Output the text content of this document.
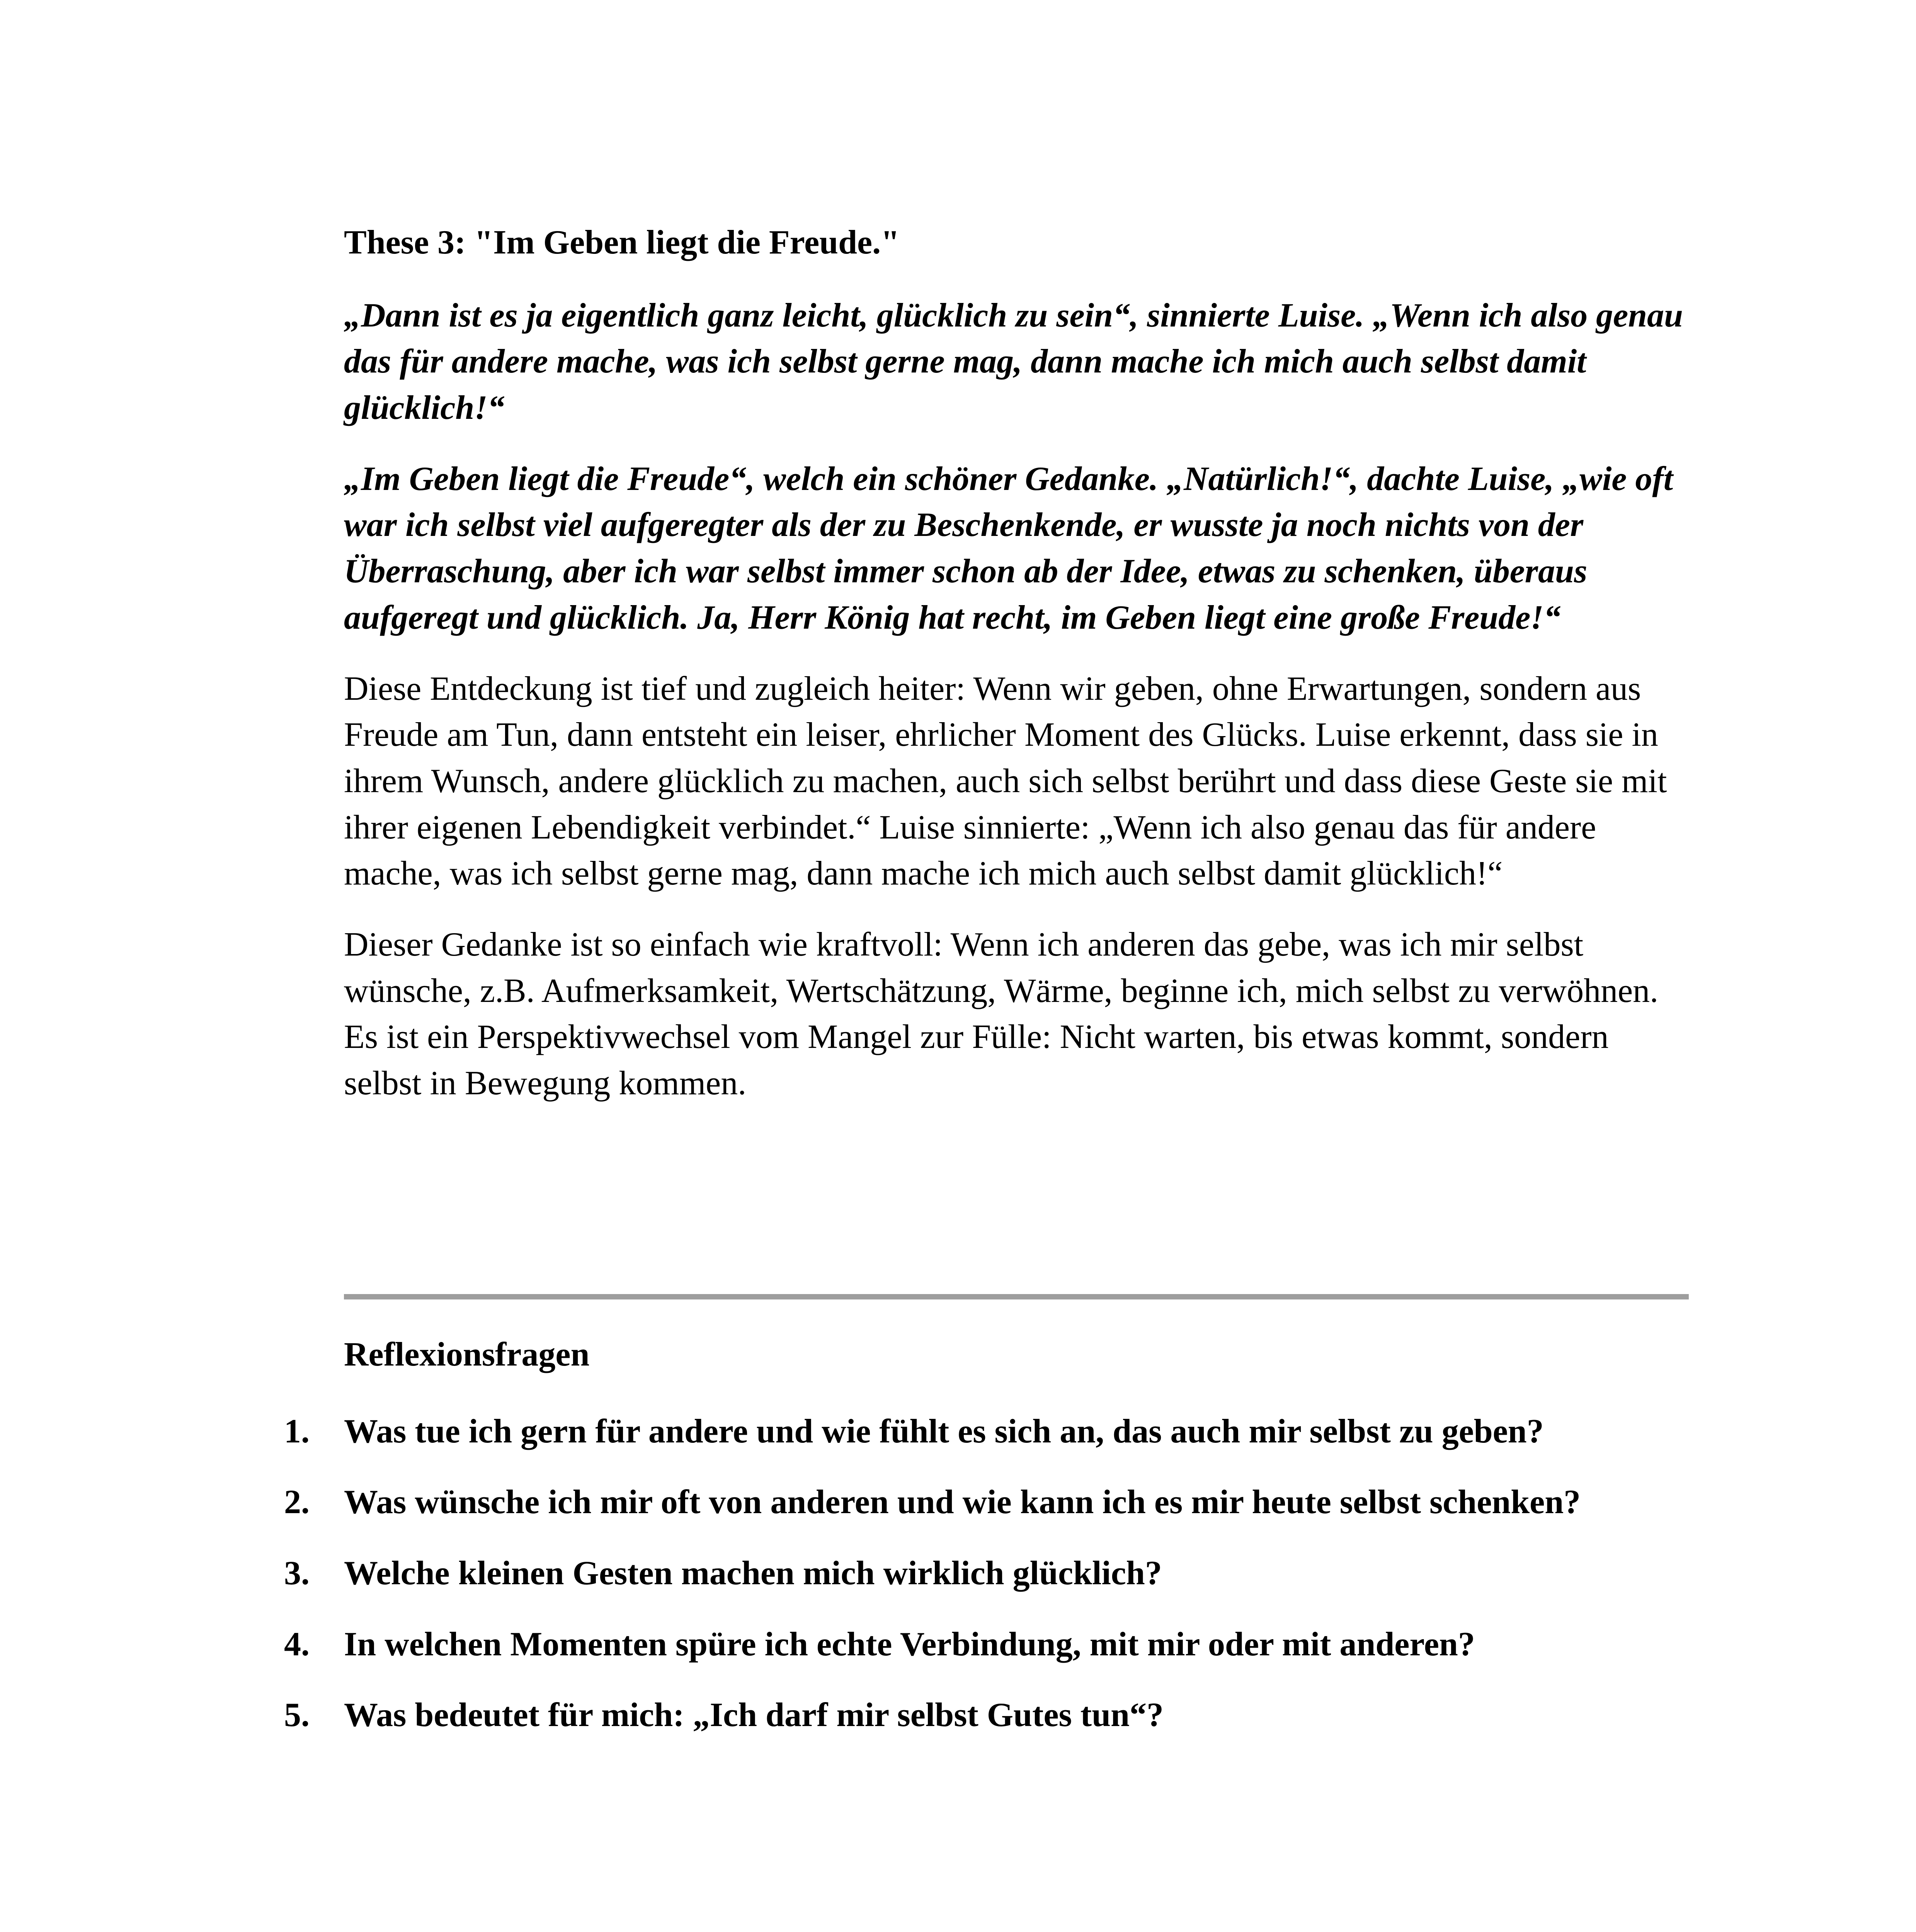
These 3: "Im Geben liegt die Freude."

„Dann ist es ja eigentlich ganz leicht, glücklich zu sein“, sinnierte Luise. „Wenn ich also genau das für andere mache, was ich selbst gerne mag, dann mache ich mich auch selbst damit glücklich!“

„Im Geben liegt die Freude“, welch ein schöner Gedanke. „Natürlich!“, dachte Luise, „wie oft war ich selbst viel aufgeregter als der zu Beschenkende, er wusste ja noch nichts von der Überraschung, aber ich war selbst immer schon ab der Idee, etwas zu schenken, überaus aufgeregt und glücklich. Ja, Herr König hat recht, im Geben liegt eine große Freude!“

Diese Entdeckung ist tief und zugleich heiter: Wenn wir geben, ohne Erwartungen, sondern aus Freude am Tun, dann entsteht ein leiser, ehrlicher Moment des Glücks. Luise erkennt, dass sie in ihrem Wunsch, andere glücklich zu machen, auch sich selbst berührt und dass diese Geste sie mit ihrer eigenen Lebendigkeit verbindet.“ Luise sinnierte: „Wenn ich also genau das für andere mache, was ich selbst gerne mag, dann mache ich mich auch selbst damit glücklich!“

Dieser Gedanke ist so einfach wie kraftvoll: Wenn ich anderen das gebe, was ich mir selbst wünsche, z.B. Aufmerksamkeit, Wertschätzung, Wärme, beginne ich, mich selbst zu verwöhnen. Es ist ein Perspektivwechsel vom Mangel zur Fülle: Nicht warten, bis etwas kommt, sondern selbst in Bewegung kommen.

Reflexionsfragen

1.	Was tue ich gern für andere und wie fühlt es sich an, das auch mir selbst zu geben?
2.	Was wünsche ich mir oft von anderen und wie kann ich es mir heute selbst schenken?
3.	Welche kleinen Gesten machen mich wirklich glücklich?
4.	In welchen Momenten spüre ich echte Verbindung, mit mir oder mit anderen?
5.	Was bedeutet für mich: „Ich darf mir selbst Gutes tun“?
